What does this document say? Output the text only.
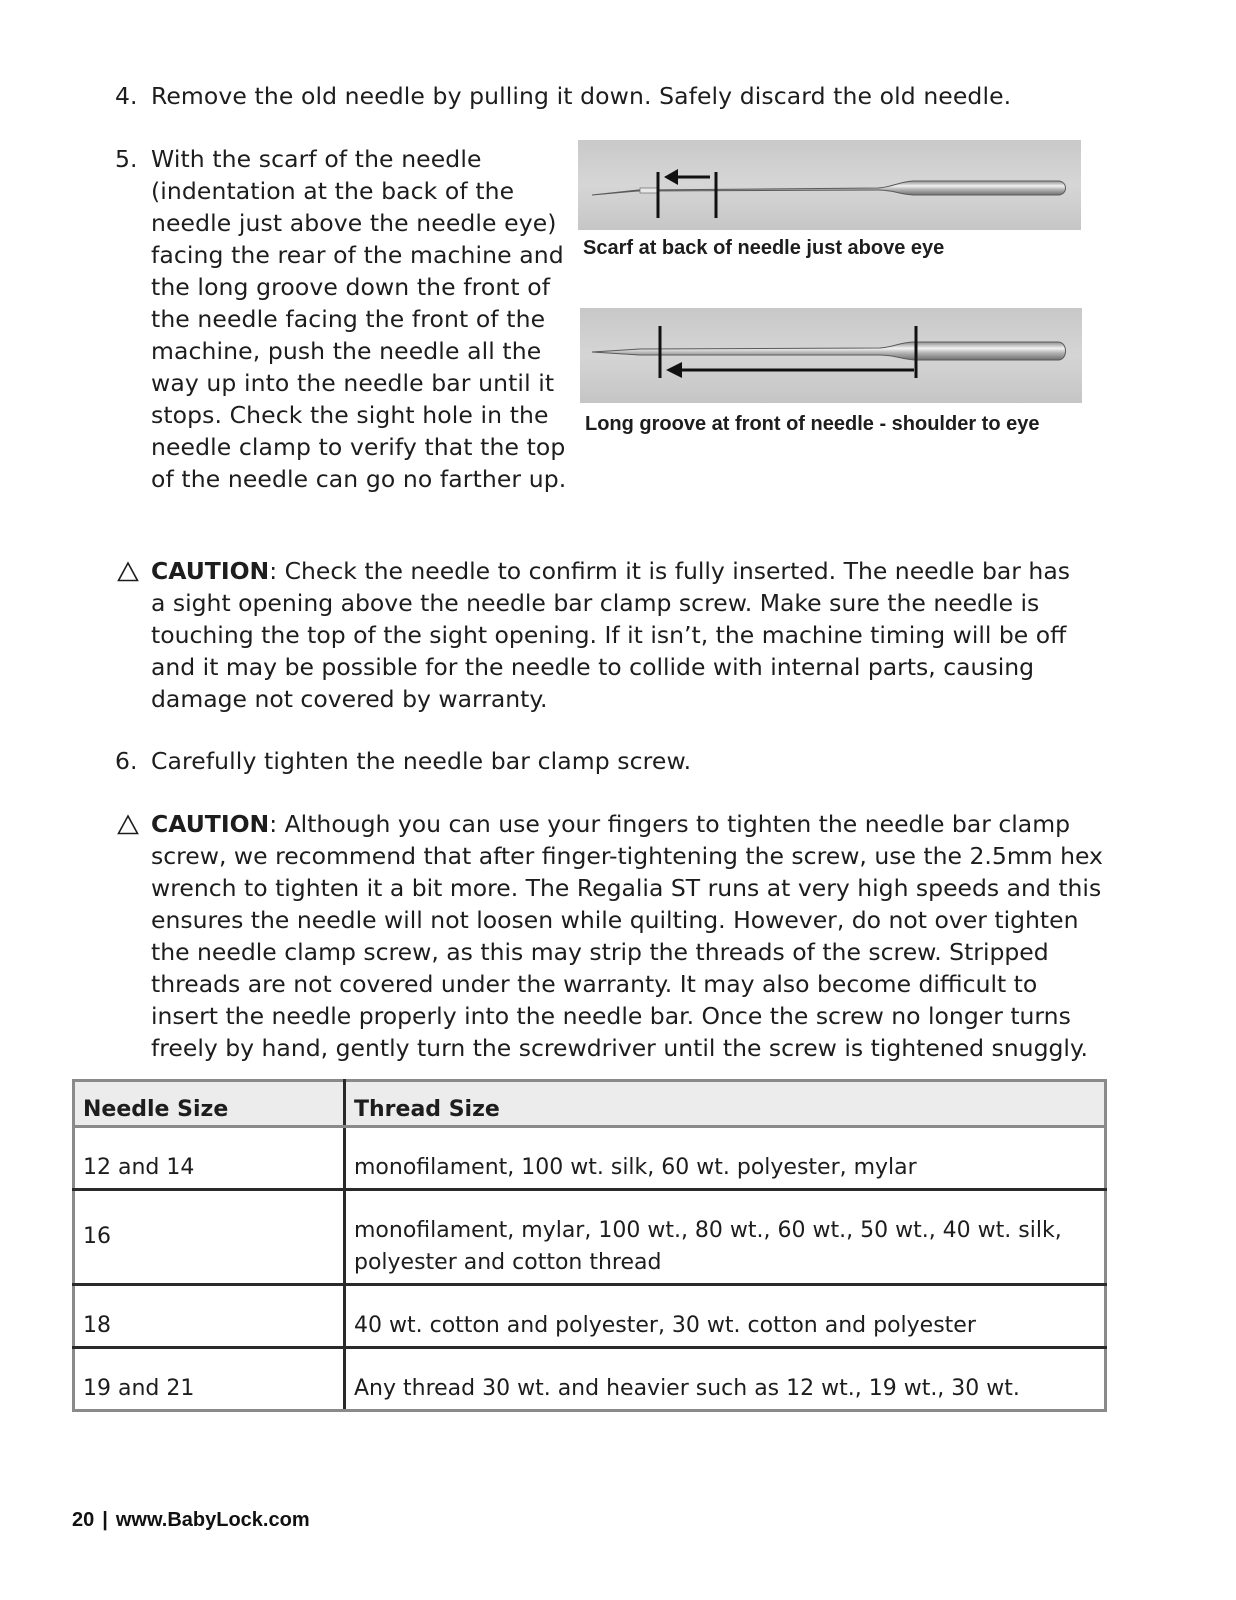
4. Remove the old needle by pulling it down. Safely discard the old needle.
5. With the scarf of the needle (indentation at the back of the needle just above the needle eye) facing the rear of the machine and the long groove down the front of the needle facing the front of the machine, push the needle all the way up into the needle bar until it stops. Check the sight hole in the needle clamp to verify that the top of the needle can go no farther up.
Scarf at back of needle just above eye
Long groove at front of needle - shoulder to eye
CAUTION: Check the needle to confirm it is fully inserted. The needle bar has a sight opening above the needle bar clamp screw. Make sure the needle is touching the top of the sight opening. If it isn’t, the machine timing will be off and it may be possible for the needle to collide with internal parts, causing damage not covered by warranty.
6. Carefully tighten the needle bar clamp screw.
CAUTION: Although you can use your fingers to tighten the needle bar clamp screw, we recommend that after finger-tightening the screw, use the 2.5mm hex wrench to tighten it a bit more. The Regalia ST runs at very high speeds and this ensures the needle will not loosen while quilting. However, do not over tighten the needle clamp screw, as this may strip the threads of the screw. Stripped threads are not covered under the warranty. It may also become difficult to insert the needle properly into the needle bar. Once the screw no longer turns freely by hand, gently turn the screwdriver until the screw is tightened snuggly.
Needle Size	Thread Size
12 and 14	monofilament, 100 wt. silk, 60 wt. polyester, mylar
16	monofilament, mylar, 100 wt., 80 wt., 60 wt., 50 wt., 40 wt. silk, polyester and cotton thread
18	40 wt. cotton and polyester, 30 wt. cotton and polyester
19 and 21	Any thread 30 wt. and heavier such as 12 wt., 19 wt., 30 wt.
20 | www.BabyLock.com
